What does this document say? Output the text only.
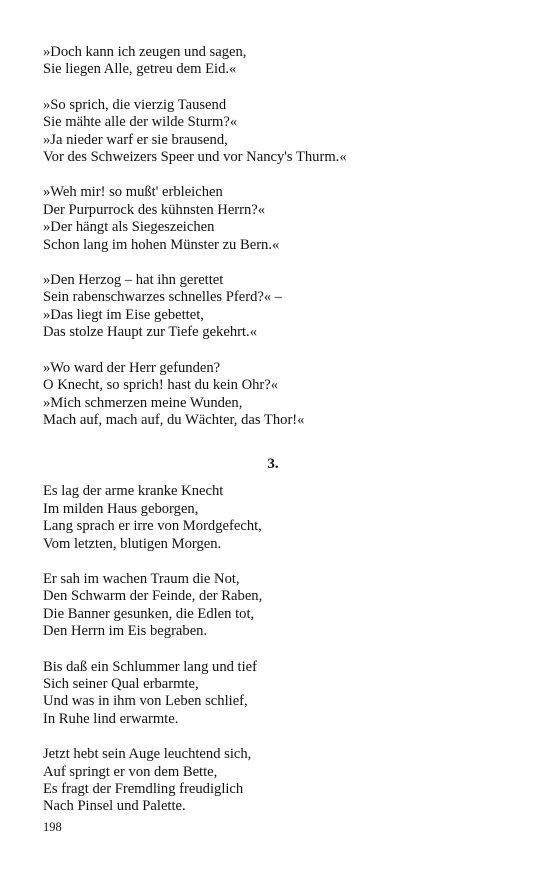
»Doch kann ich zeugen und sagen,
Sie liegen Alle, getreu dem Eid.«
»So sprich, die vierzig Tausend
Sie mähte alle der wilde Sturm?«
»Ja nieder warf er sie brausend,
Vor des Schweizers Speer und vor Nancy's Thurm.«
»Weh mir! so mußt' erbleichen
Der Purpurrock des kühnsten Herrn?«
»Der hängt als Siegeszeichen
Schon lang im hohen Münster zu Bern.«
»Den Herzog – hat ihn gerettet
Sein rabenschwarzes schnelles Pferd?« –
»Das liegt im Eise gebettet,
Das stolze Haupt zur Tiefe gekehrt.«
»Wo ward der Herr gefunden?
O Knecht, so sprich! hast du kein Ohr?«
»Mich schmerzen meine Wunden,
Mach auf, mach auf, du Wächter, das Thor!«
3.
Es lag der arme kranke Knecht
Im milden Haus geborgen,
Lang sprach er irre von Mordgefecht,
Vom letzten, blutigen Morgen.
Er sah im wachen Traum die Not,
Den Schwarm der Feinde, der Raben,
Die Banner gesunken, die Edlen tot,
Den Herrn im Eis begraben.
Bis daß ein Schlummer lang und tief
Sich seiner Qual erbarmte,
Und was in ihm von Leben schlief,
In Ruhe lind erwarmte.
Jetzt hebt sein Auge leuchtend sich,
Auf springt er von dem Bette,
Es fragt der Fremdling freudiglich
Nach Pinsel und Palette.
198
